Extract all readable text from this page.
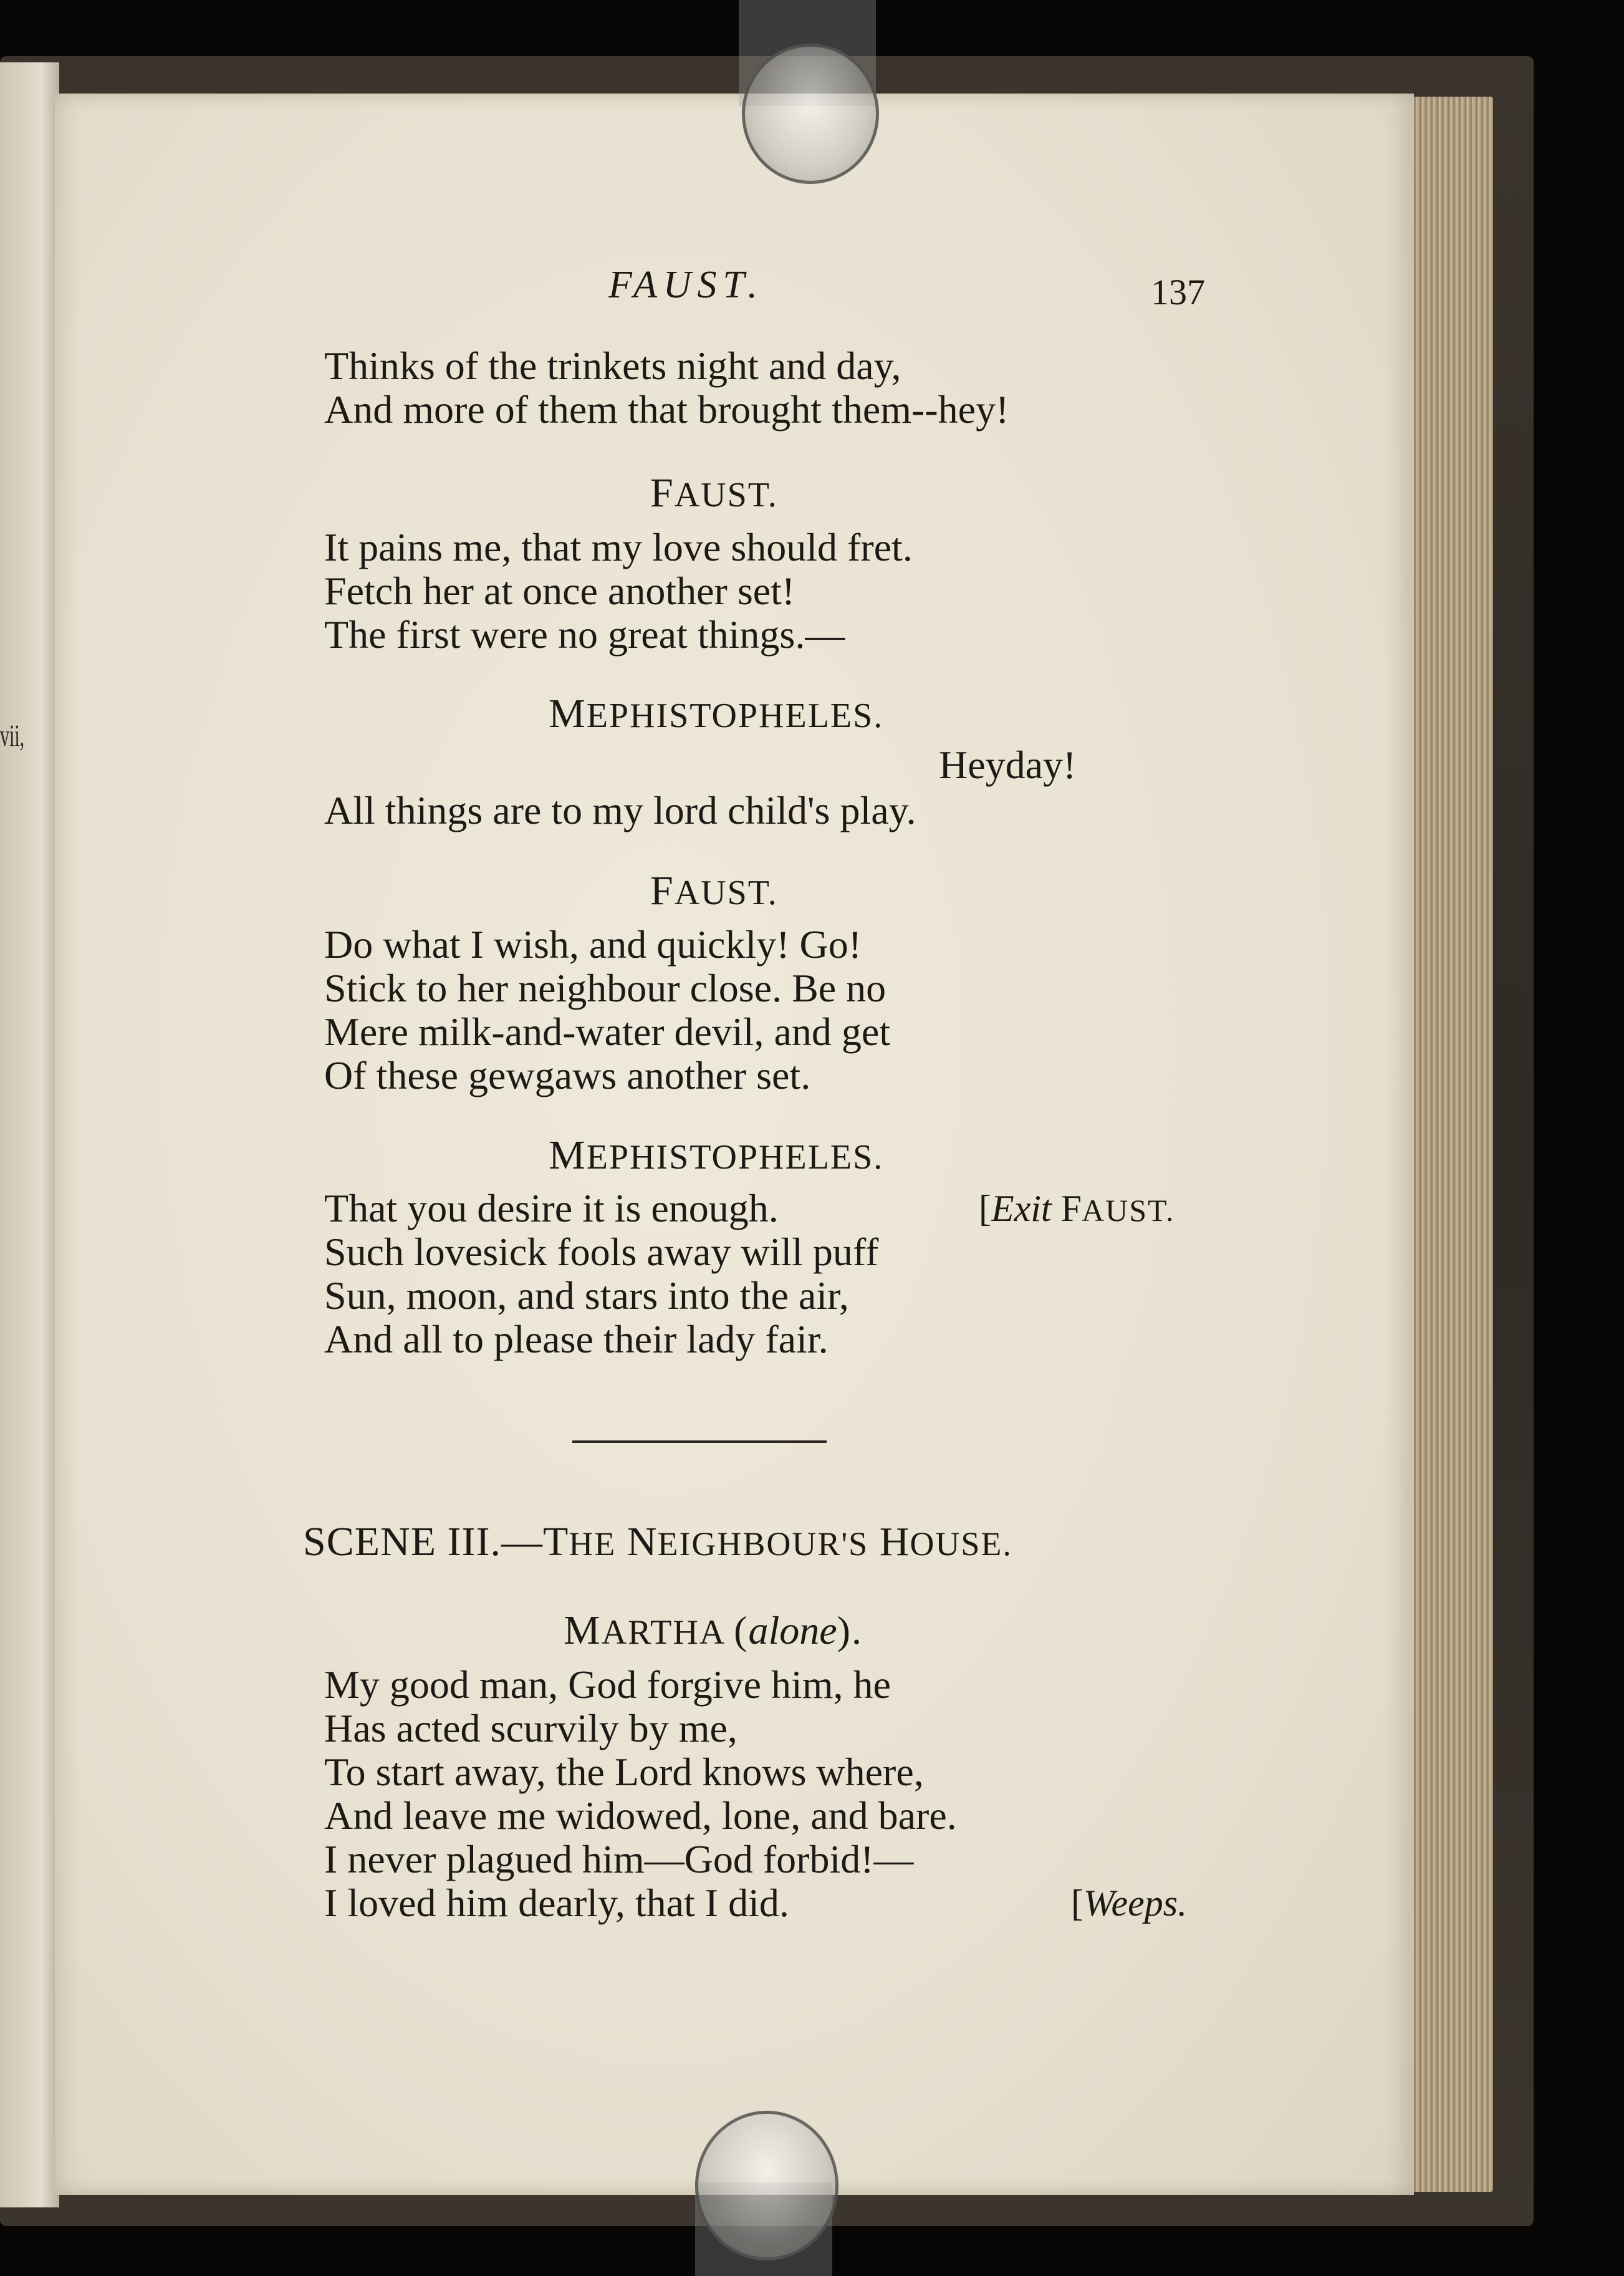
vii,
FAUST.	137
Thinks of the trinkets night and day,
And more of them that brought them--hey!
FAUST.
It pains me, that my love should fret.
Fetch her at once another set!
The first were no great things.—
MEPHISTOPHELES.
Heyday!
All things are to my lord child's play.
FAUST.
Do what I wish, and quickly! Go!
Stick to her neighbour close. Be no
Mere milk-and-water devil, and get
Of these gewgaws another set.
MEPHISTOPHELES.
That you desire it is enough.	[Exit FAUST.
Such lovesick fools away will puff
Sun, moon, and stars into the air,
And all to please their lady fair.
SCENE III.—THE NEIGHBOUR'S HOUSE.
MARTHA (alone).
My good man, God forgive him, he
Has acted scurvily by me,
To start away, the Lord knows where,
And leave me widowed, lone, and bare.
I never plagued him—God forbid!—
I loved him dearly, that I did.	[Weeps.
